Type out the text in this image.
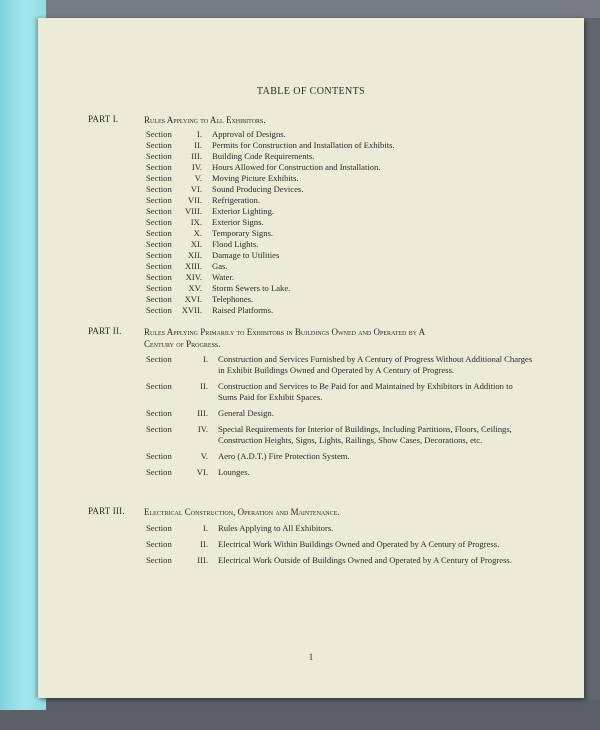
TABLE OF CONTENTS
PART I.	Rules Applying to All Exhibitors.
Section	I.	Approval of Designs.
Section	II.	Permits for Construction and Installation of Exhibits.
Section	III.	Building Code Requirements.
Section	IV.	Hours Allowed for Construction and Installation.
Section	V.	Moving Picture Exhibits.
Section	VI.	Sound Producing Devices.
Section	VII.	Refrigeration.
Section	VIII.	Exterior Lighting.
Section	IX.	Exterior Signs.
Section	X.	Temporary Signs.
Section	XI.	Flood Lights.
Section	XII.	Damage to Utilities
Section	XIII.	Gas.
Section	XIV.	Water.
Section	XV.	Storm Sewers to Lake.
Section	XVI.	Telephones.
Section	XVII.	Raised Platforms.
PART II.	Rules Applying Primarily to Exhibitors in Buildings Owned and Operated by A
Century of Progress.
Section	I.	Construction and Services Furnished by A Century of Progress Without Additional Charges in Exhibit Buildings Owned and Operated by A Century of Progress.
Section	II.	Construction and Services to Be Paid for and Maintained by Exhibitors in Addition to Sums Paid for Exhibit Spaces.
Section	III.	General Design.
Section	IV.	Special Requirements for Interior of Buildings, Including Partitions, Floors, Ceilings, Construction Heights, Signs, Lights, Railings, Show Cases, Decorations, etc.
Section	V.	Aero (A.D.T.) Fire Protection System.
Section	VI.	Lounges.
PART III.	Electrical Construction, Operation and Maintenance.
Section	I.	Rules Applying to All Exhibitors.
Section	II.	Electrical Work Within Buildings Owned and Operated by A Century of Progress.
Section	III.	Electrical Work Outside of Buildings Owned and Operated by A Century of Progress.
1
